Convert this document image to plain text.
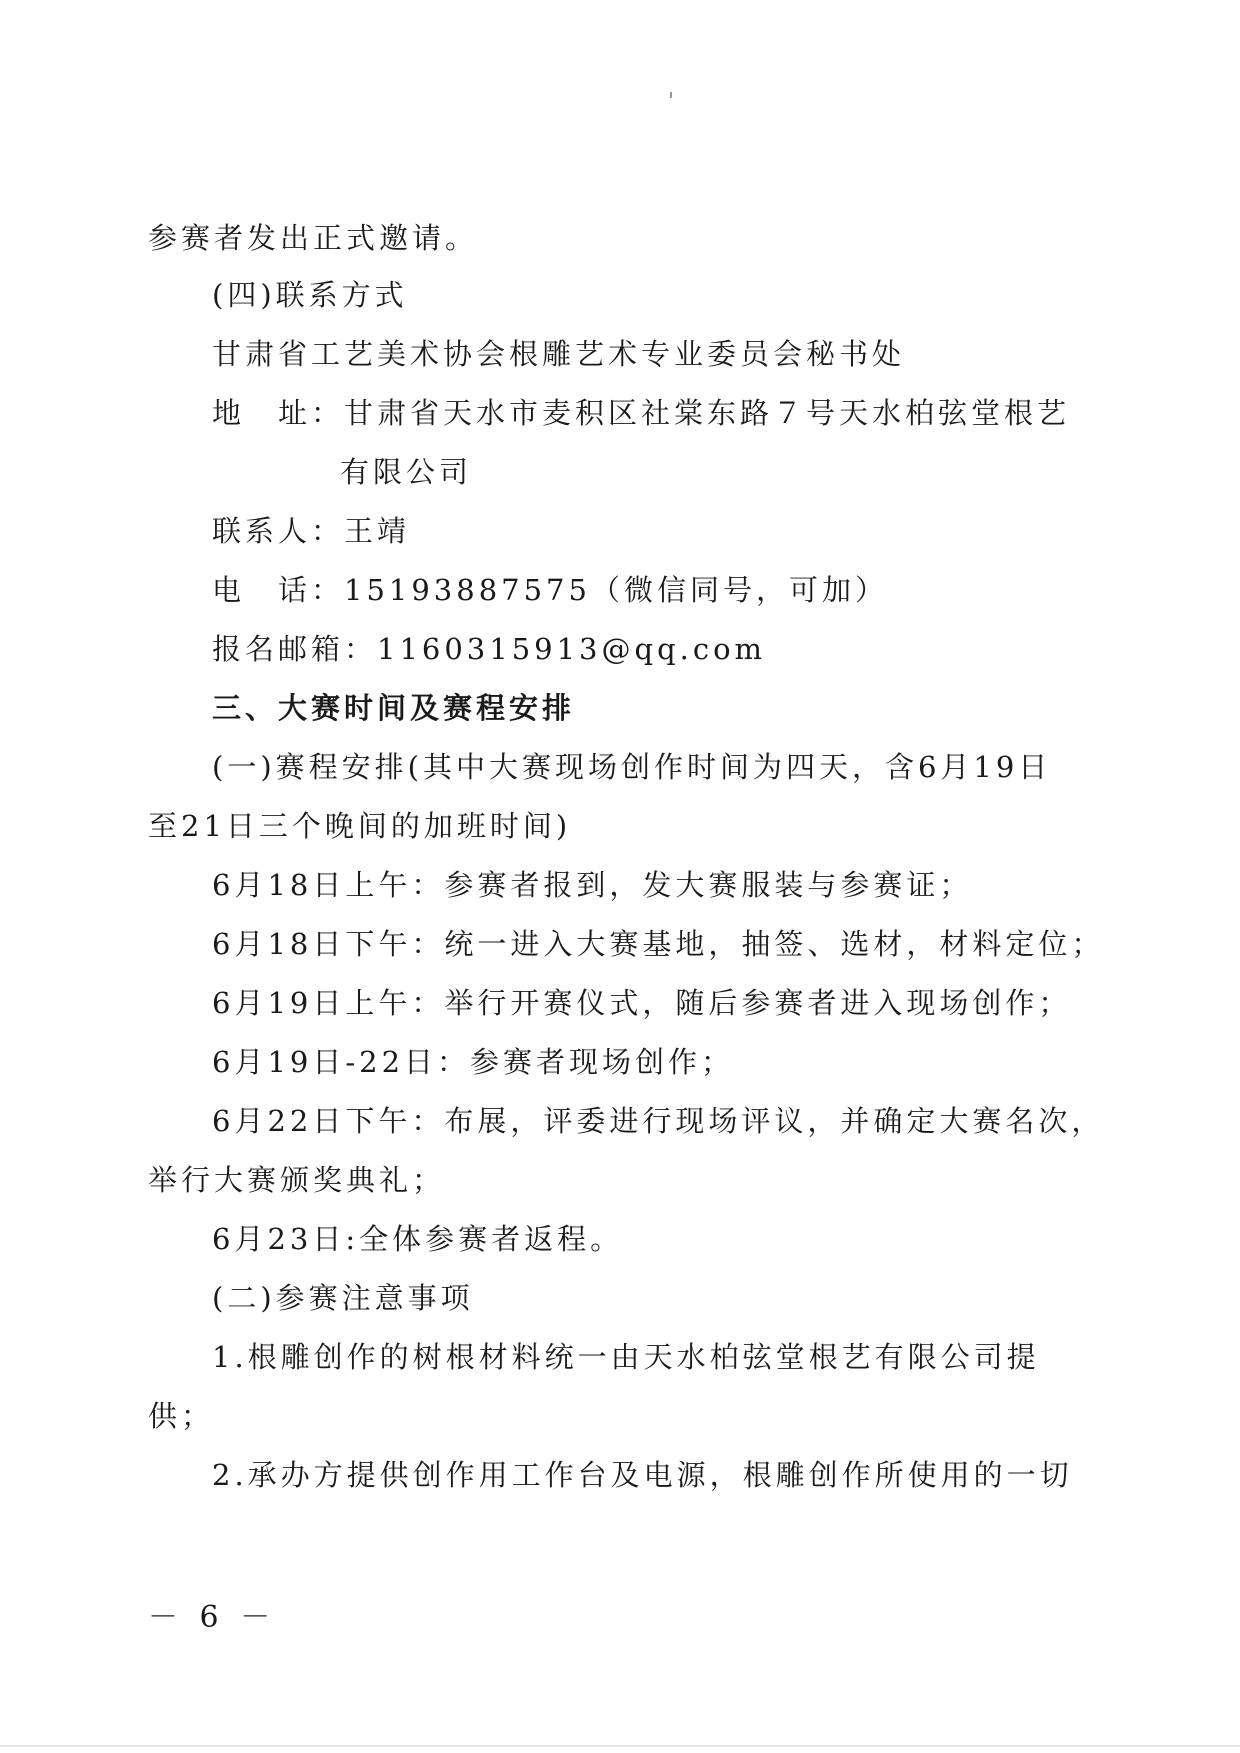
参赛者发出正式邀请。
(四)联系方式
甘肃省工艺美术协会根雕艺术专业委员会秘书处
地　址：甘肃省天水市麦积区社棠东路７号天水柏弦堂根艺
有限公司
联系人：王靖
电　话：15193887575（微信同号，可加）
报名邮箱：1160315913@qq.com
三、大赛时间及赛程安排
(一)赛程安排(其中大赛现场创作时间为四天，含6月19日
至21日三个晚间的加班时间)
6月18日上午：参赛者报到，发大赛服装与参赛证；
6月18日下午：统一进入大赛基地，抽签、选材，材料定位；
6月19日上午：举行开赛仪式，随后参赛者进入现场创作；
6月19日-22日：参赛者现场创作；
6月22日下午：布展，评委进行现场评议，并确定大赛名次，
举行大赛颁奖典礼；
6月23日:全体参赛者返程。
(二)参赛注意事项
1.根雕创作的树根材料统一由天水柏弦堂根艺有限公司提
供；
2.承办方提供创作用工作台及电源，根雕创作所使用的一切
－ 6 －
